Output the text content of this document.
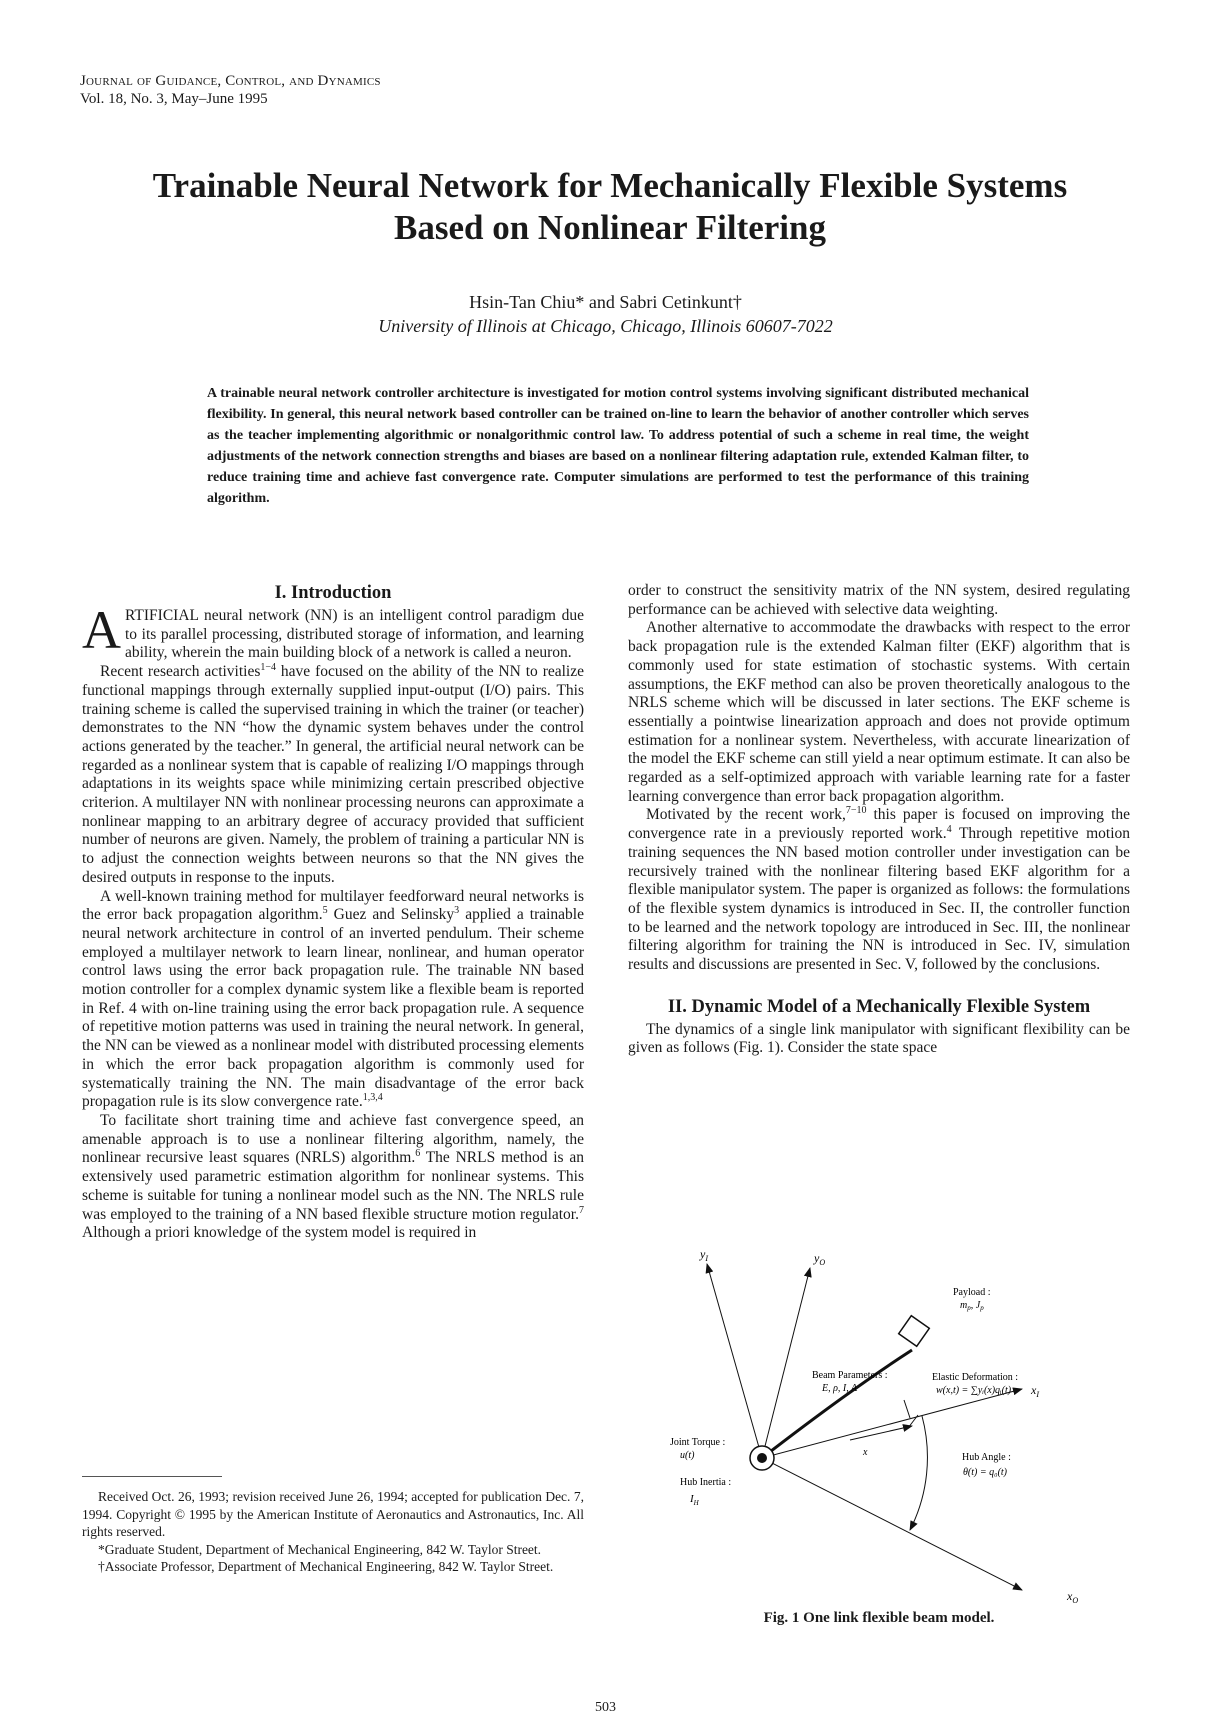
Journal of Guidance, Control, and Dynamics
Vol. 18, No. 3, May–June 1995
Trainable Neural Network for Mechanically Flexible Systems
Based on Nonlinear Filtering
Hsin-Tan Chiu* and Sabri Cetinkunt†
University of Illinois at Chicago, Chicago, Illinois 60607-7022
A trainable neural network controller architecture is investigated for motion control systems involving significant distributed mechanical flexibility. In general, this neural network based controller can be trained on-line to learn the behavior of another controller which serves as the teacher implementing algorithmic or nonalgorithmic control law. To address potential of such a scheme in real time, the weight adjustments of the network connection strengths and biases are based on a nonlinear filtering adaptation rule, extended Kalman filter, to reduce training time and achieve fast convergence rate. Computer simulations are performed to test the performance of this training algorithm.
I. Introduction

ARTIFICIAL neural network (NN) is an intelligent control paradigm due to its parallel processing, distributed storage of information, and learning ability, wherein the main building block of a network is called a neuron.

Recent research activities$^{1-4}$ have focused on the ability of the NN to realize functional mappings through externally supplied input-output (I/O) pairs. This training scheme is called the supervised training in which the trainer (or teacher) demonstrates to the NN “how the dynamic system behaves under the control actions generated by the teacher.” In general, the artificial neural network can be regarded as a nonlinear system that is capable of realizing I/O mappings through adaptations in its weights space while minimizing certain prescribed objective criterion. A multilayer NN with nonlinear processing neurons can approximate a nonlinear mapping to an arbitrary degree of accuracy provided that sufficient number of neurons are given. Namely, the problem of training a particular NN is to adjust the connection weights between neurons so that the NN gives the desired outputs in response to the inputs.

A well-known training method for multilayer feedforward neural networks is the error back propagation algorithm.$^5$ Guez and Selinsky$^3$ applied a trainable neural network architecture in control of an inverted pendulum. Their scheme employed a multilayer network to learn linear, nonlinear, and human operator control laws using the error back propagation rule. The trainable NN based motion controller for a complex dynamic system like a flexible beam is reported in Ref. 4 with on-line training using the error back propagation rule. A sequence of repetitive motion patterns was used in training the neural network. In general, the NN can be viewed as a nonlinear model with distributed processing elements in which the error back propagation algorithm is commonly used for systematically training the NN. The main disadvantage of the error back propagation rule is its slow convergence rate.$^{1,3,4}$

To facilitate short training time and achieve fast convergence speed, an amenable approach is to use a nonlinear filtering algorithm, namely, the nonlinear recursive least squares (NRLS) algorithm.$^6$ The NRLS method is an extensively used parametric estimation algorithm for nonlinear systems. This scheme is suitable for tuning a nonlinear model such as the NN. The NRLS rule was employed to the training of a NN based flexible structure motion regulator.$^7$ Although a priori knowledge of the system model is required in

order to construct the sensitivity matrix of the NN system, desired regulating performance can be achieved with selective data weighting.

Another alternative to accommodate the drawbacks with respect to the error back propagation rule is the extended Kalman filter (EKF) algorithm that is commonly used for state estimation of stochastic systems. With certain assumptions, the EKF method can also be proven theoretically analogous to the NRLS scheme which will be discussed in later sections. The EKF scheme is essentially a pointwise linearization approach and does not provide optimum estimation for a nonlinear system. Nevertheless, with accurate linearization of the model the EKF scheme can still yield a near optimum estimate. It can also be regarded as a self-optimized approach with variable learning rate for a faster learning convergence than error back propagation algorithm.

Motivated by the recent work,$^{7-10}$ this paper is focused on improving the convergence rate in a previously reported work.$^4$ Through repetitive motion training sequences the NN based motion controller under investigation can be recursively trained with the nonlinear filtering based EKF algorithm for a flexible manipulator system. The paper is organized as follows: the formulations of the flexible system dynamics is introduced in Sec. II, the controller function to be learned and the network topology are introduced in Sec. III, the nonlinear filtering algorithm for training the NN is introduced in Sec. IV, simulation results and discussions are presented in Sec. V, followed by the conclusions.

II. Dynamic Model of a Mechanically Flexible System

The dynamics of a single link manipulator with significant flexibility can be given as follows (Fig. 1). Consider the state space

$y_I$	$y_O$
$x_I$
$x_O$
Payload :
$m_p$, $J_p$
Beam Parameters :
E, ρ, I, A
Elastic Deformation :
w(x,t) = ∑yᵢ(x)qᵢ(t)
Joint Torque :
u(t)
Hub Inertia :
$I_H$
Hub Angle :
θ(t) = q₀(t)
x
Fig. 1 One link flexible beam model.

Received Oct. 26, 1993; revision received June 26, 1994; accepted for publication Dec. 7, 1994. Copyright © 1995 by the American Institute of Aeronautics and Astronautics, Inc. All rights reserved.

*Graduate Student, Department of Mechanical Engineering, 842 W. Taylor Street.

†Associate Professor, Department of Mechanical Engineering, 842 W. Taylor Street.

503
